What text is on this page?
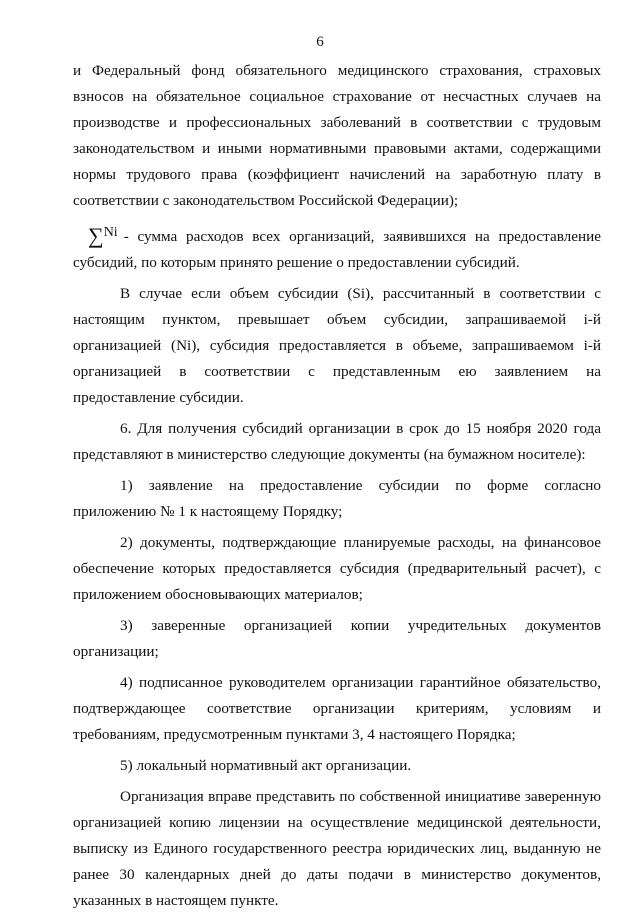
6

и Федеральный фонд обязательного медицинского страхования, страховых взносов на обязательное социальное страхование от несчастных случаев на производстве и профессиональных заболеваний в соответствии с трудовым законодательством и иными нормативными правовыми актами, содержащими нормы трудового права (коэффициент начислений на заработную плату в соответствии с законодательством Российской Федерации);

∑Ni - сумма расходов всех организаций, заявившихся на предоставление субсидий, по которым принято решение о предоставлении субсидий.

В случае если объем субсидии (Si), рассчитанный в соответствии с настоящим пунктом, превышает объем субсидии, запрашиваемой i-й организацией (Ni), субсидия предоставляется в объеме, запрашиваемом i-й организацией в соответствии с представленным ею заявлением на предоставление субсидии.

6. Для получения субсидий организации в срок до 15 ноября 2020 года представляют в министерство следующие документы (на бумажном носителе):

1) заявление на предоставление субсидии по форме согласно приложению № 1 к настоящему Порядку;

2) документы, подтверждающие планируемые расходы, на финансовое обеспечение которых предоставляется субсидия (предварительный расчет), с приложением обосновывающих материалов;

3) заверенные организацией копии учредительных документов организации;

4) подписанное руководителем организации гарантийное обязательство, подтверждающее соответствие организации критериям, условиям и требованиям, предусмотренным пунктами 3, 4 настоящего Порядка;

5) локальный нормативный акт организации.

Организация вправе представить по собственной инициативе заверенную организацией копию лицензии на осуществление медицинской деятельности, выписку из Единого государственного реестра юридических лиц, выданную не ранее 30 календарных дней до даты подачи в министерство документов, указанных в настоящем пункте.
